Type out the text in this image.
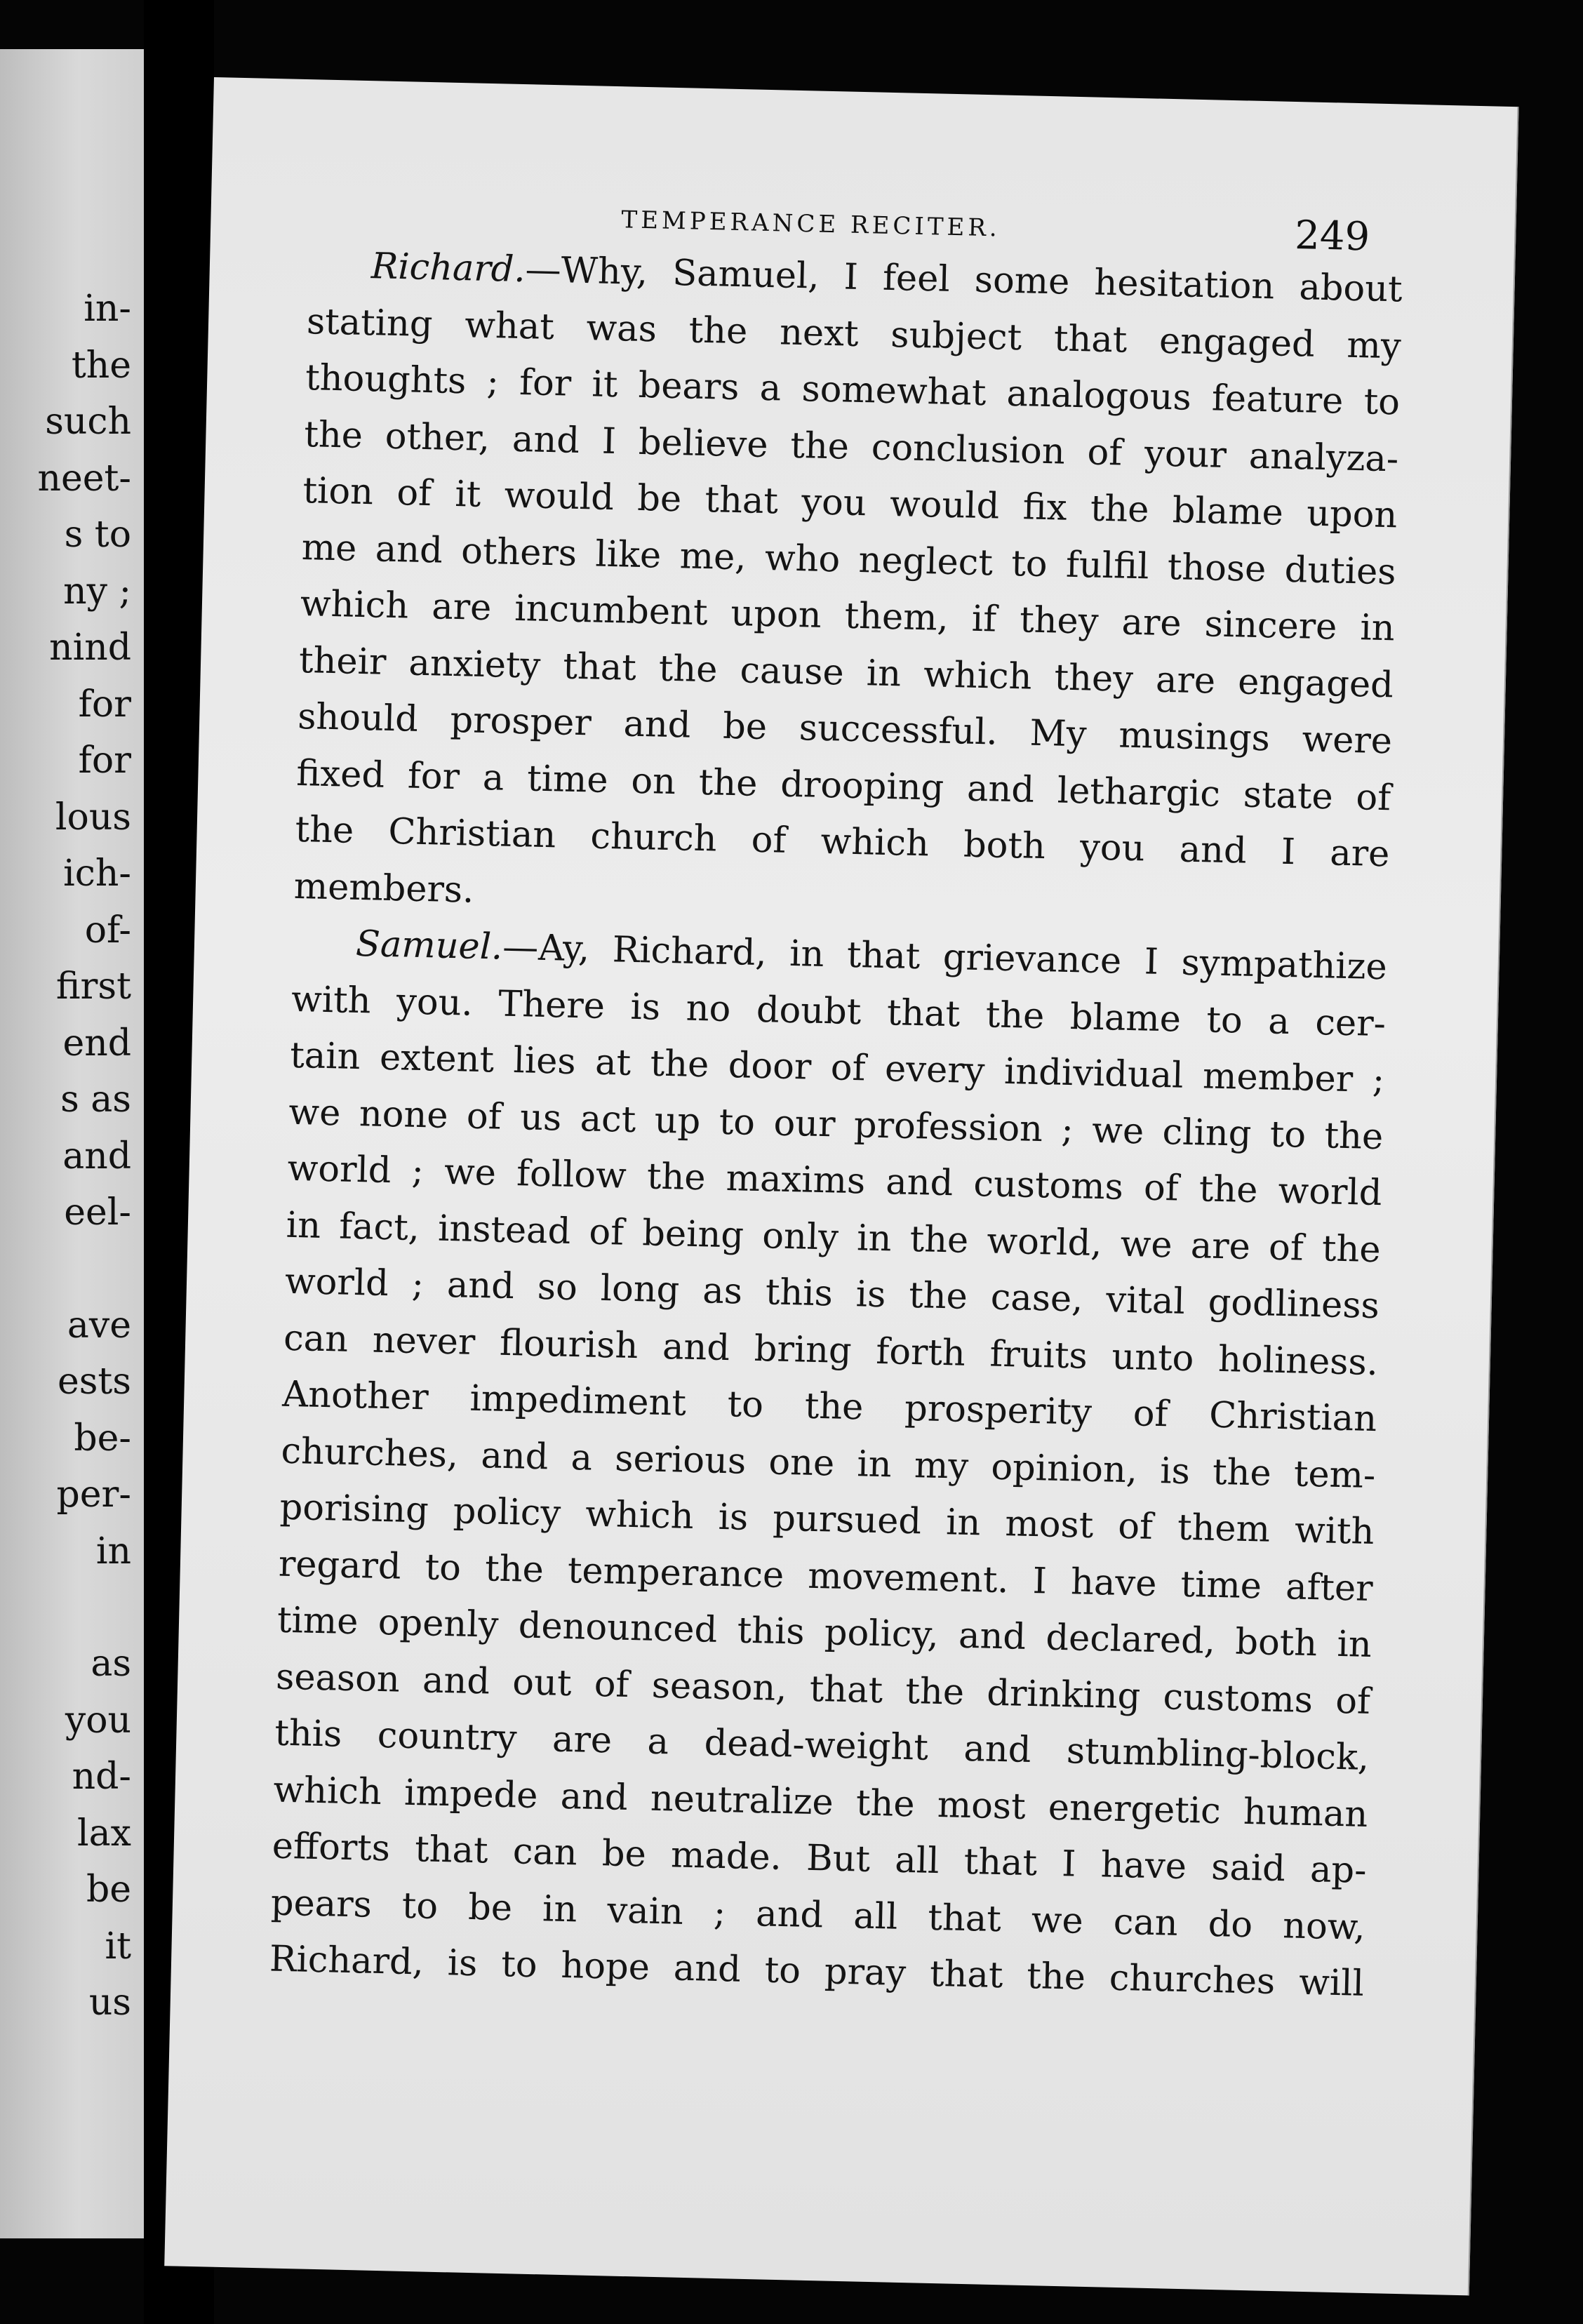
in-
the
such
neet-
s to
ny ;
nind
for
for
lous
ich-
of-
first
end
s as
and
eel-
ave
ests
be-
per-
in
as
you
nd-
lax
be
it
us
TEMPERANCE RECITER.	249

Richard.—Why, Samuel, I feel some hesitation about
stating what was the next subject that engaged my
thoughts ; for it bears a somewhat analogous feature to
the other, and I believe the conclusion of your analyza-
tion of it would be that you would fix the blame upon
me and others like me, who neglect to fulfil those duties
which are incumbent upon them, if they are sincere in
their anxiety that the cause in which they are engaged
should prosper and be successful. My musings were
fixed for a time on the drooping and lethargic state of
the Christian church of which both you and I are
members.

Samuel.—Ay, Richard, in that grievance I sympathize
with you. There is no doubt that the blame to a cer-
tain extent lies at the door of every individual member ;
we none of us act up to our profession ; we cling to the
world ; we follow the maxims and customs of the world
in fact, instead of being only in the world, we are of the
world ; and so long as this is the case, vital godliness
can never flourish and bring forth fruits unto holiness.
Another impediment to the prosperity of Christian
churches, and a serious one in my opinion, is the tem-
porising policy which is pursued in most of them with
regard to the temperance movement. I have time after
time openly denounced this policy, and declared, both in
season and out of season, that the drinking customs of
this country are a dead-weight and stumbling-block,
which impede and neutralize the most energetic human
efforts that can be made. But all that I have said ap-
pears to be in vain ; and all that we can do now,
Richard, is to hope and to pray that the churches will
